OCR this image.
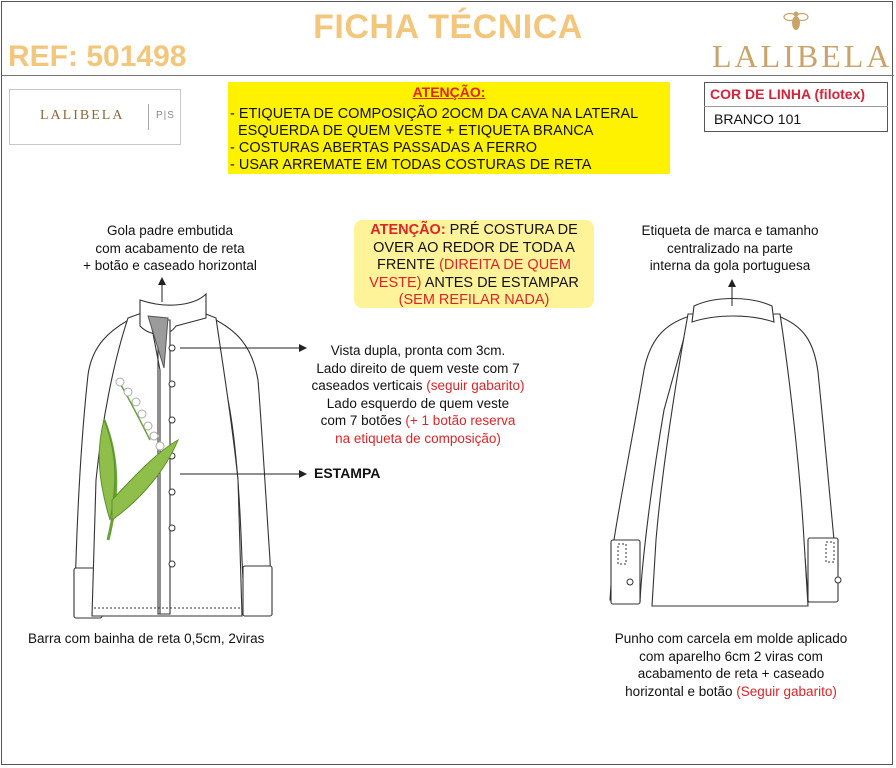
FICHA TÉCNICA
REF: 501498	LALIBELA
LALIBELA	P|S
ATENÇÃO:
- ETIQUETA DE COMPOSIÇÃO 2OCM DA CAVA NA LATERAL
ESQUERDA DE QUEM VESTE + ETIQUETA BRANCA
- COSTURAS ABERTAS PASSADAS A FERRO
- USAR ARREMATE EM TODAS COSTURAS DE RETA
COR DE LINHA (filotex)
BRANCO 101
Gola padre embutida
com acabamento de reta
+ botão e caseado horizontal
ATENÇÃO: PRÉ COSTURA DE
OVER AO REDOR DE TODA A
FRENTE (DIREITA DE QUEM
VESTE) ANTES DE ESTAMPAR
(SEM REFILAR NADA)
Vista dupla, pronta com 3cm.
Lado direito de quem veste com 7
caseados verticais (seguir gabarito)
Lado esquerdo de quem veste
com 7 botões (+ 1 botão reserva
na etiqueta de composição)
ESTAMPA
Barra com bainha de reta 0,5cm, 2viras
Etiqueta de marca e tamanho
centralizado na parte
interna da gola portuguesa
Punho com carcela em molde aplicado
com aparelho 6cm 2 viras com
acabamento de reta + caseado
horizontal e botão (Seguir gabarito)
